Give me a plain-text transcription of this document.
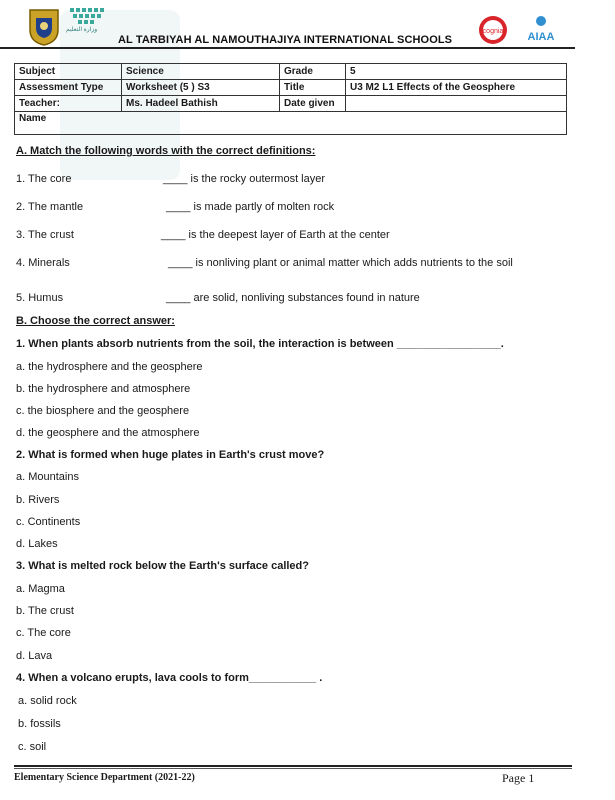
وزارة التعليم	cognia AIAA
AL TARBIYAH AL NAMOUTHAJIYA INTERNATIONAL SCHOOLS
Subject	Science	Grade	5
Assessment Type	Worksheet (5 ) S3	Title	U3 M2 L1 Effects of the Geosphere
Teacher:	Ms. Hadeel Bathish	Date given	
Name			
A. Match the following words with the correct definitions:
1. The core	____ is the rocky outermost layer
2. The mantle	____ is made partly of molten rock
3. The crust	____ is the deepest layer of Earth at the center
4. Minerals	____ is nonliving plant or animal matter which adds nutrients to the soil
5. Humus	____ are solid, nonliving substances found in nature
B. Choose the correct answer:
1. When plants absorb nutrients from the soil, the interaction is between _________________.
a. the hydrosphere and the geosphere
b. the hydrosphere and atmosphere
c. the biosphere and the geosphere
d. the geosphere and the atmosphere
2. What is formed when huge plates in Earth's crust move?
a. Mountains
b. Rivers
c. Continents
d. Lakes
3. What is melted rock below the Earth's surface called?
a. Magma
b. The crust
c. The core
d. Lava
4. When a volcano erupts, lava cools to form___________ .
a. solid rock
b. fossils
c. soil
Elementary Science Department (2021-22)	Page 1
